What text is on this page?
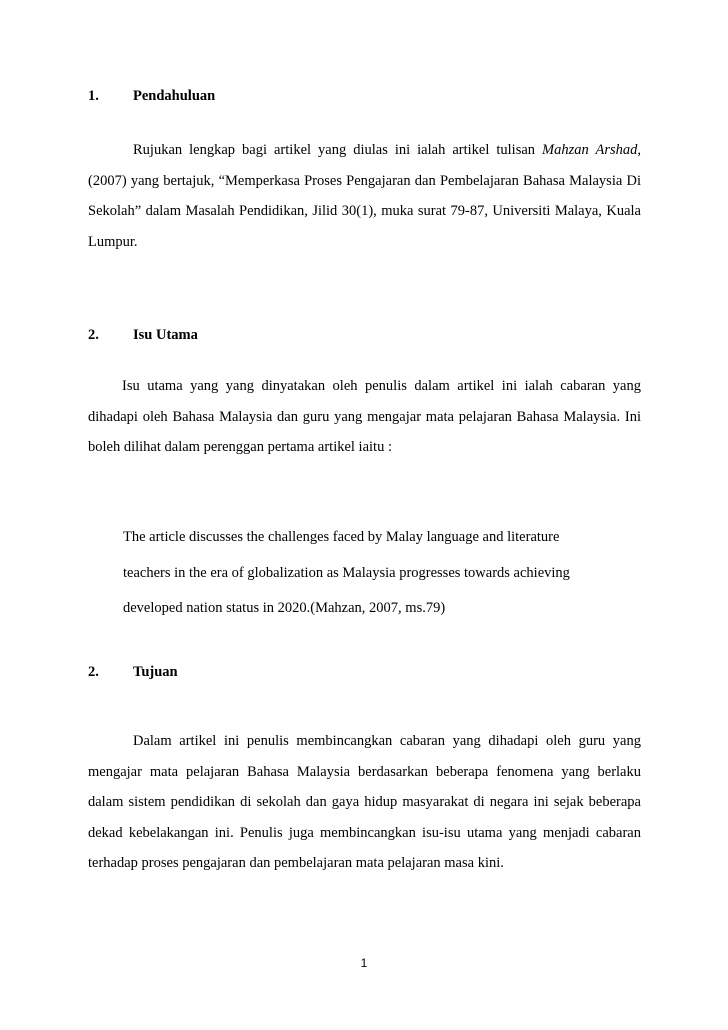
1. Pendahuluan

Rujukan lengkap bagi artikel yang diulas ini ialah artikel tulisan Mahzan Arshad, (2007) yang bertajuk, “Memperkasa Proses Pengajaran dan Pembelajaran Bahasa Malaysia Di Sekolah” dalam Masalah Pendidikan, Jilid 30(1), muka surat 79-87, Universiti Malaya, Kuala Lumpur.

2. Isu Utama

Isu utama yang yang dinyatakan oleh penulis dalam artikel ini ialah cabaran yang dihadapi oleh Bahasa Malaysia dan guru yang mengajar mata pelajaran Bahasa Malaysia. Ini boleh dilihat dalam perenggan pertama artikel iaitu :

The article discusses the challenges faced by Malay language and literature
teachers in the era of globalization as Malaysia progresses towards achieving
developed nation status in 2020.(Mahzan, 2007, ms.79)
2. Tujuan

Dalam artikel ini penulis membincangkan cabaran yang dihadapi oleh guru yang mengajar mata pelajaran Bahasa Malaysia berdasarkan beberapa fenomena yang berlaku dalam sistem pendidikan di sekolah dan gaya hidup masyarakat di negara ini sejak beberapa dekad kebelakangan ini. Penulis juga membincangkan isu-isu utama yang menjadi cabaran terhadap proses pengajaran dan pembelajaran mata pelajaran masa kini.

1
